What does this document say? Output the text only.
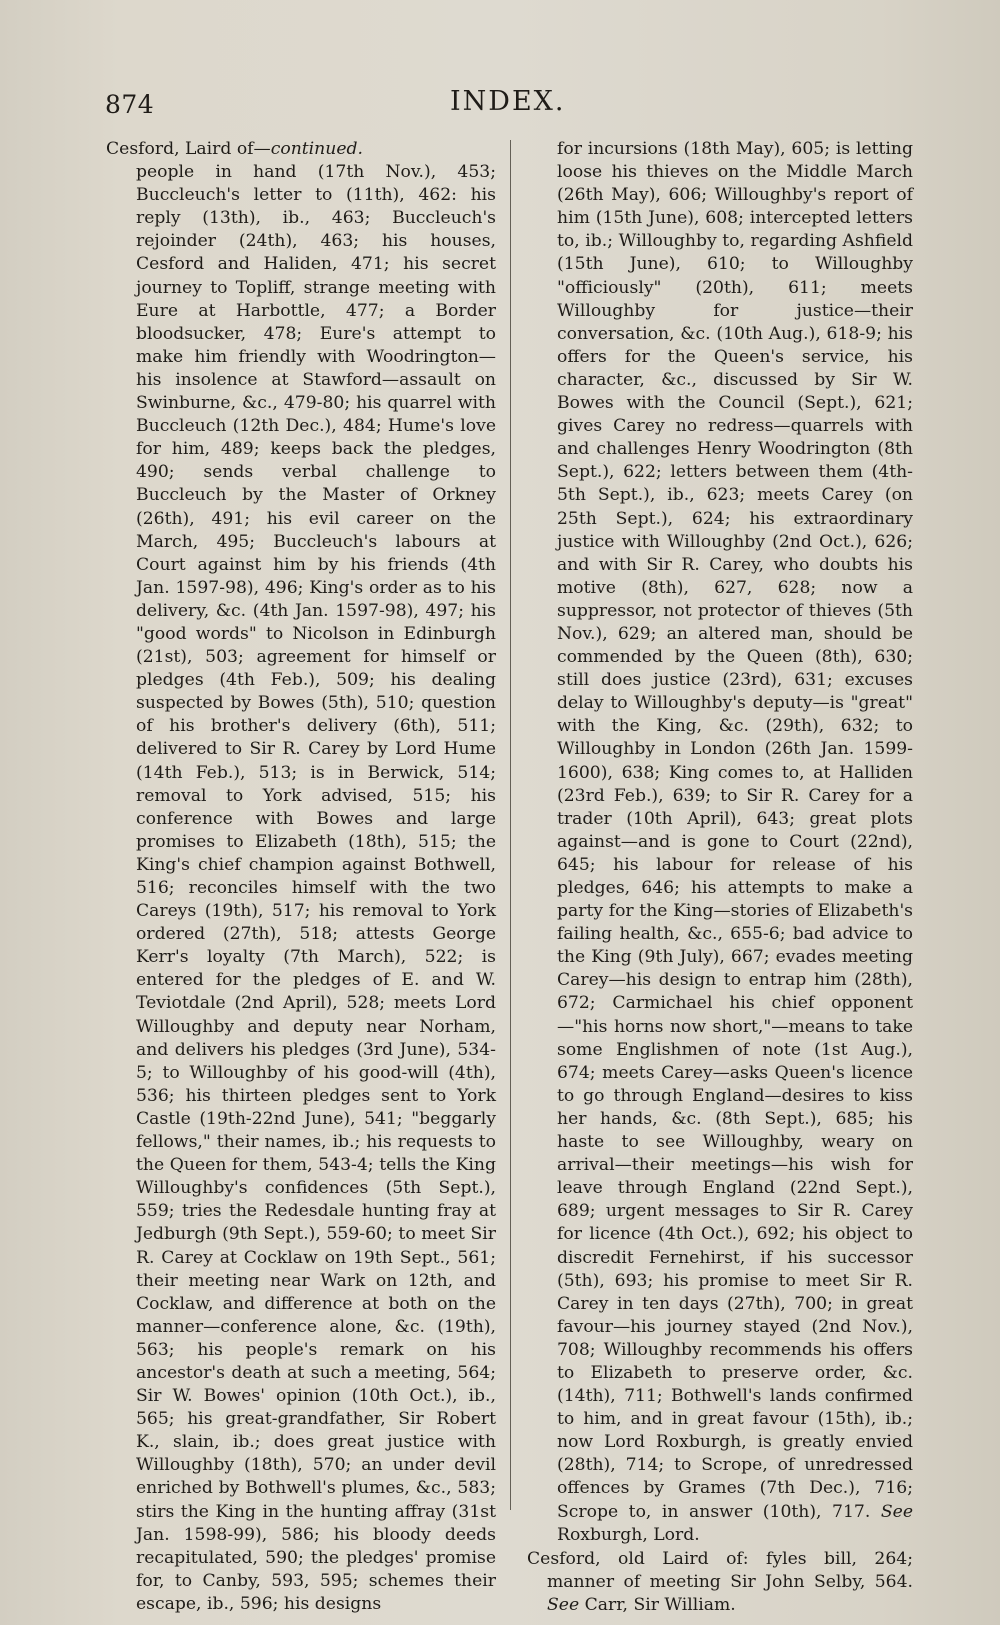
874	INDEX.

Cesford, Laird of—continued.

people in hand (17th Nov.), 453; Buccleuch's letter to (11th), 462: his reply (13th), ib., 463; Buccleuch's rejoinder (24th), 463; his houses, Cesford and Haliden, 471; his secret journey to Topliff, strange meeting with Eure at Harbottle, 477; a Border bloodsucker, 478; Eure's attempt to make him friendly with Woodrington—his insolence at Stawford—assault on Swinburne, &c., 479-80; his quarrel with Buccleuch (12th Dec.), 484; Hume's love for him, 489; keeps back the pledges, 490; sends verbal challenge to Buccleuch by the Master of Orkney (26th), 491; his evil career on the March, 495; Buccleuch's labours at Court against him by his friends (4th Jan. 1597-98), 496; King's order as to his delivery, &c. (4th Jan. 1597-98), 497; his "good words" to Nicolson in Edinburgh (21st), 503; agreement for himself or pledges (4th Feb.), 509; his dealing suspected by Bowes (5th), 510; question of his brother's delivery (6th), 511; delivered to Sir R. Carey by Lord Hume (14th Feb.), 513; is in Berwick, 514; removal to York advised, 515; his conference with Bowes and large promises to Elizabeth (18th), 515; the King's chief champion against Bothwell, 516; reconciles himself with the two Careys (19th), 517; his removal to York ordered (27th), 518; attests George Kerr's loyalty (7th March), 522; is entered for the pledges of E. and W. Teviotdale (2nd April), 528; meets Lord Willoughby and deputy near Norham, and delivers his pledges (3rd June), 534-5; to Willoughby of his good-will (4th), 536; his thirteen pledges sent to York Castle (19th-22nd June), 541; "beggarly fellows," their names, ib.; his requests to the Queen for them, 543-4; tells the King Willoughby's confidences (5th Sept.), 559; tries the Redesdale hunting fray at Jedburgh (9th Sept.), 559-60; to meet Sir R. Carey at Cocklaw on 19th Sept., 561; their meeting near Wark on 12th, and Cocklaw, and difference at both on the manner—conference alone, &c. (19th), 563; his people's remark on his ancestor's death at such a meeting, 564; Sir W. Bowes' opinion (10th Oct.), ib., 565; his great-grandfather, Sir Robert K., slain, ib.; does great justice with Willoughby (18th), 570; an under devil enriched by Bothwell's plumes, &c., 583; stirs the King in the hunting affray (31st Jan. 1598-99), 586; his bloody deeds recapitulated, 590; the pledges' promise for, to Canby, 593, 595; schemes their escape, ib., 596; his designs

for incursions (18th May), 605; is letting loose his thieves on the Middle March (26th May), 606; Willoughby's report of him (15th June), 608; intercepted letters to, ib.; Willoughby to, regarding Ashfield (15th June), 610; to Willoughby "officiously" (20th), 611; meets Willoughby for justice—their conversation, &c. (10th Aug.), 618-9; his offers for the Queen's service, his character, &c., discussed by Sir W. Bowes with the Council (Sept.), 621; gives Carey no redress—quarrels with and challenges Henry Woodrington (8th Sept.), 622; letters between them (4th-5th Sept.), ib., 623; meets Carey (on 25th Sept.), 624; his extraordinary justice with Willoughby (2nd Oct.), 626; and with Sir R. Carey, who doubts his motive (8th), 627, 628; now a suppressor, not protector of thieves (5th Nov.), 629; an altered man, should be commended by the Queen (8th), 630; still does justice (23rd), 631; excuses delay to Willoughby's deputy—is "great" with the King, &c. (29th), 632; to Willoughby in London (26th Jan. 1599-1600), 638; King comes to, at Halliden (23rd Feb.), 639; to Sir R. Carey for a trader (10th April), 643; great plots against—and is gone to Court (22nd), 645; his labour for release of his pledges, 646; his attempts to make a party for the King—stories of Elizabeth's failing health, &c., 655-6; bad advice to the King (9th July), 667; evades meeting Carey—his design to entrap him (28th), 672; Carmichael his chief opponent—"his horns now short,"—means to take some Englishmen of note (1st Aug.), 674; meets Carey—asks Queen's licence to go through England—desires to kiss her hands, &c. (8th Sept.), 685; his haste to see Willoughby, weary on arrival—their meetings—his wish for leave through England (22nd Sept.), 689; urgent messages to Sir R. Carey for licence (4th Oct.), 692; his object to discredit Fernehirst, if his successor (5th), 693; his promise to meet Sir R. Carey in ten days (27th), 700; in great favour—his journey stayed (2nd Nov.), 708; Willoughby recommends his offers to Elizabeth to preserve order, &c. (14th), 711; Bothwell's lands confirmed to him, and in great favour (15th), ib.; now Lord Roxburgh, is greatly envied (28th), 714; to Scrope, of unredressed offences by Grames (7th Dec.), 716; Scrope to, in answer (10th), 717. See Roxburgh, Lord.

Cesford, old Laird of: fyles bill, 264; manner of meeting Sir John Selby, 564. See Carr, Sir William.
